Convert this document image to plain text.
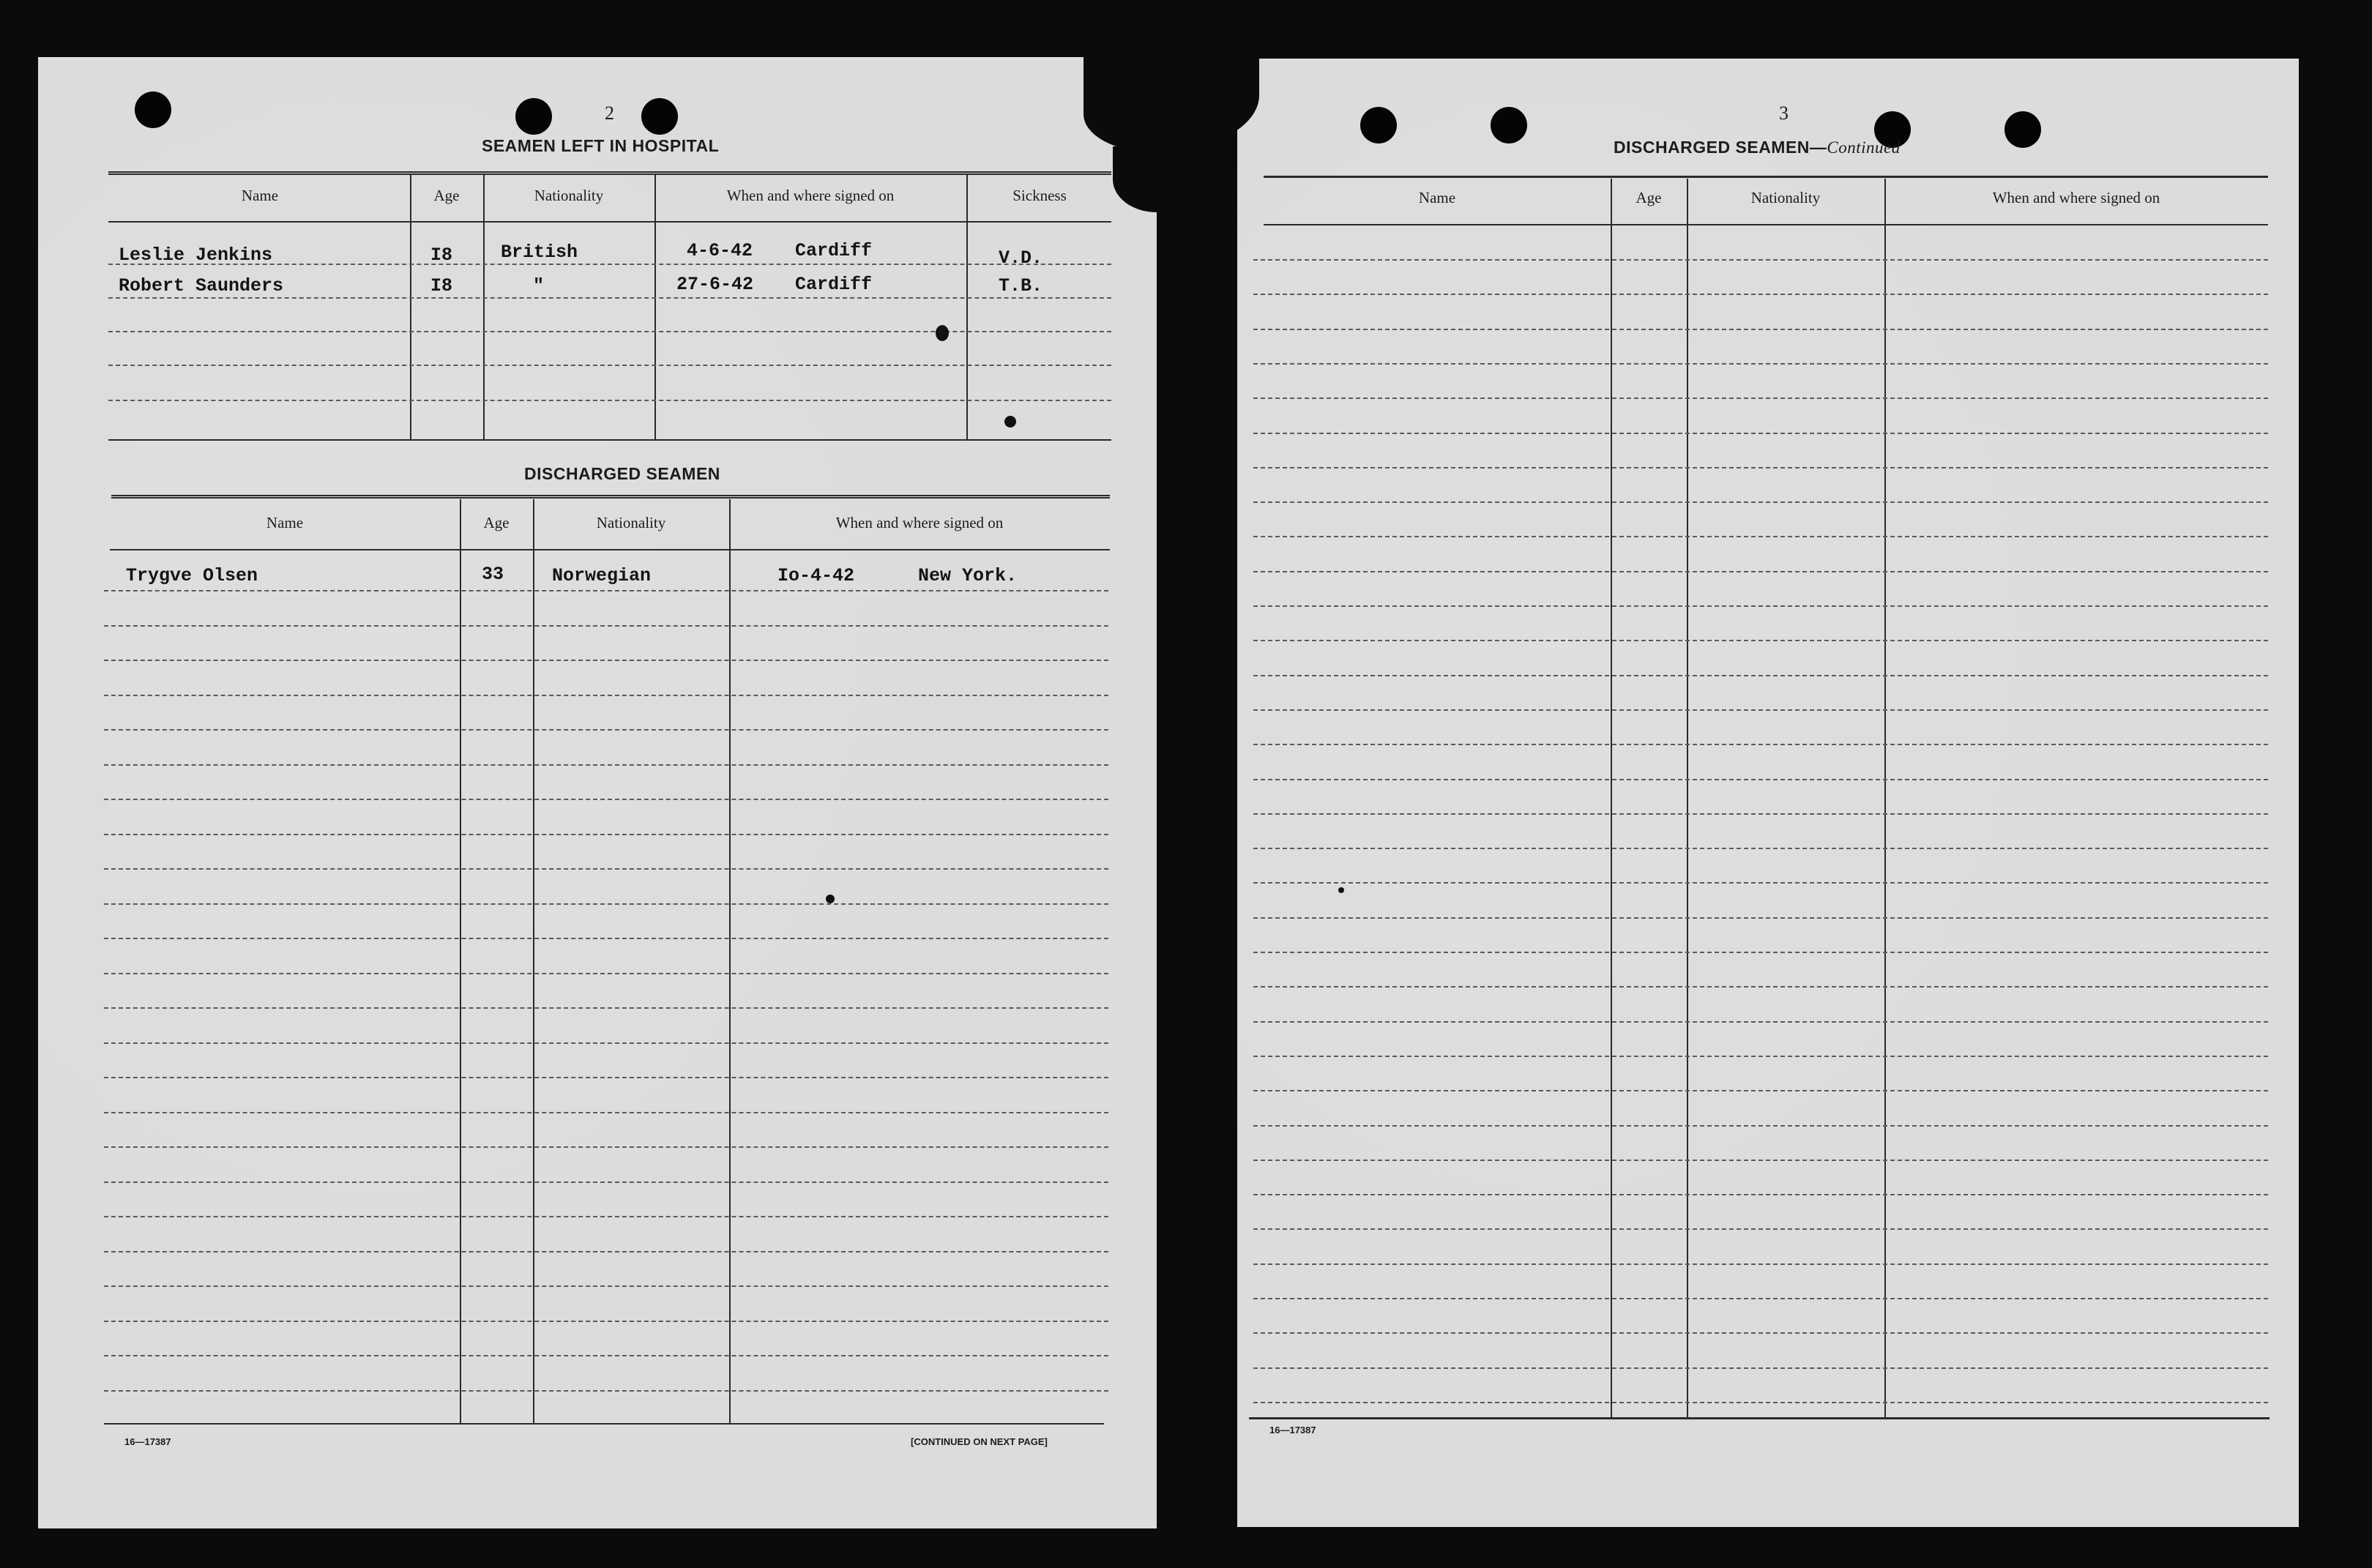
2
SEAMEN LEFT IN HOSPITAL
Name	Age	Nationality	When and where signed on	Sickness
Leslie Jenkins	I8	British	4-6-42 Cardiff	V.D.
Robert Saunders	I8	"	27-6-42 Cardiff	T.B.
DISCHARGED SEAMEN
Name	Age	Nationality	When and where signed on
Trygve Olsen	33	Norwegian	Io-4-42	New York.
16—17387	[CONTINUED ON NEXT PAGE]
3
DISCHARGED SEAMEN—Continued
Name	Age	Nationality	When and where signed on
16—17387
